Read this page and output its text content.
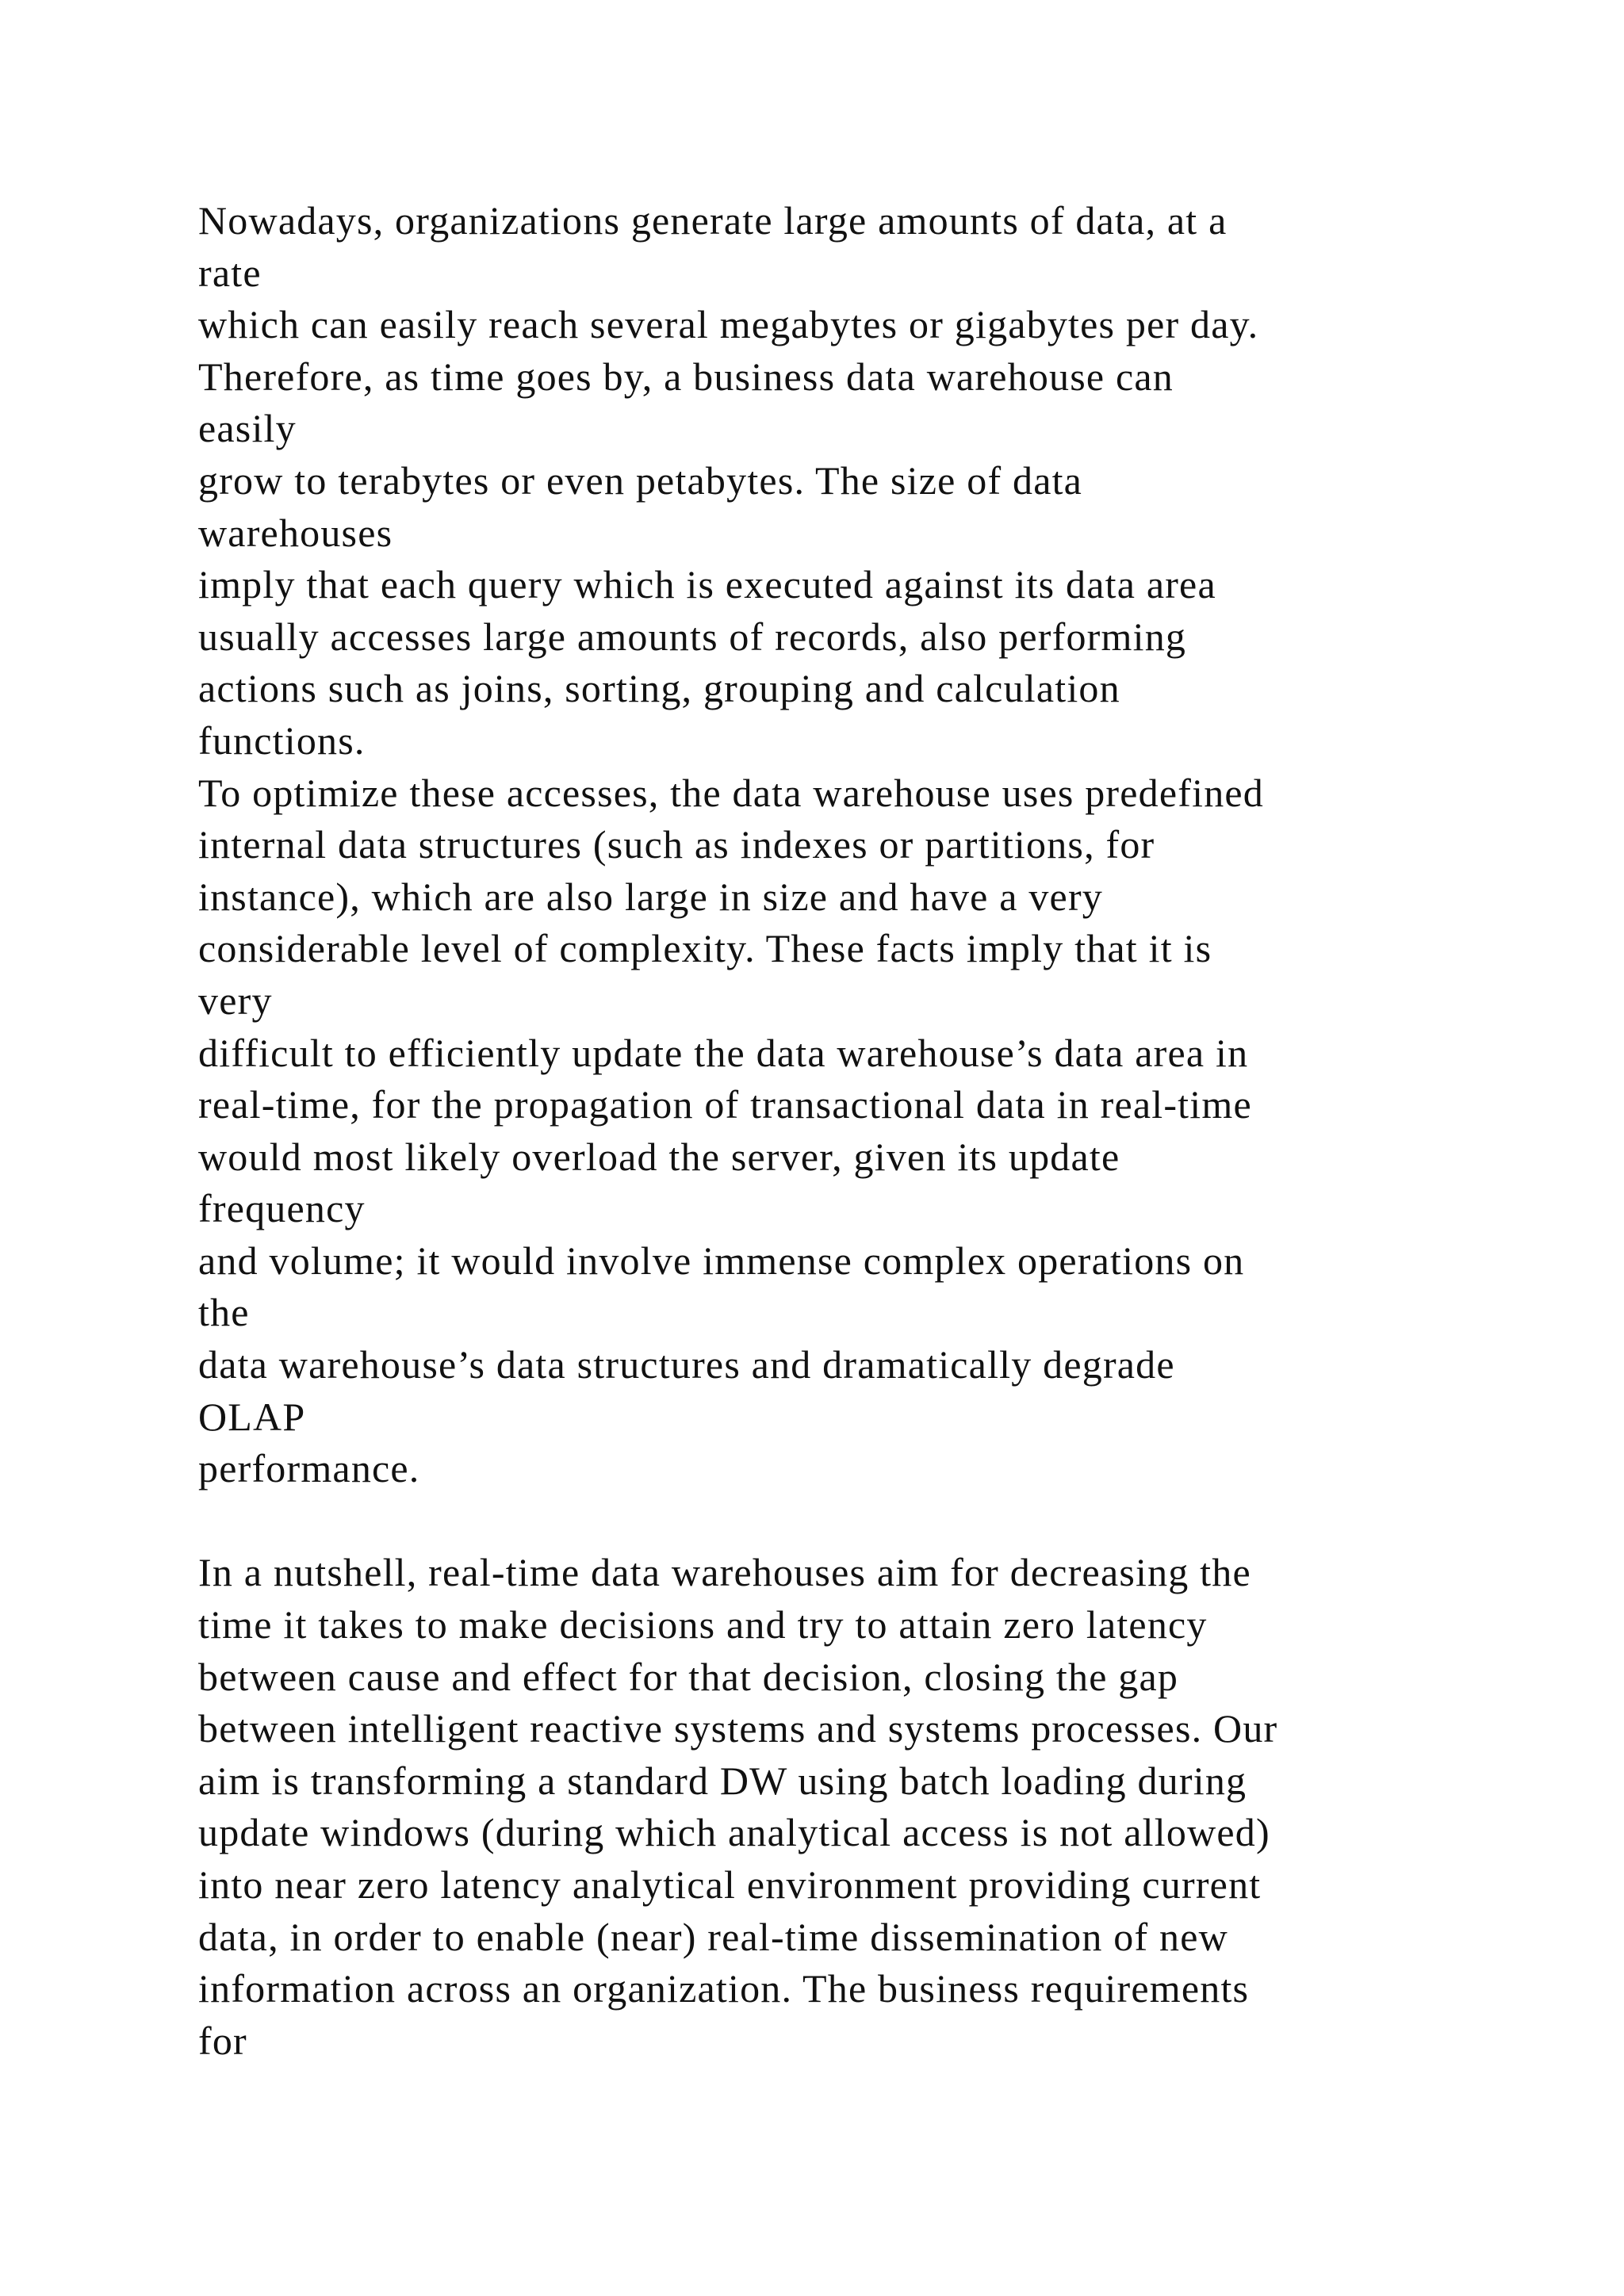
Nowadays, organizations generate large amounts of data, at a
rate
which can easily reach several megabytes or gigabytes per day.
Therefore, as time goes by, a business data warehouse can
easily
grow to terabytes or even petabytes. The size of data
warehouses
imply that each query which is executed against its data area
usually accesses large amounts of records, also performing
actions such as joins, sorting, grouping and calculation
functions.
To optimize these accesses, the data warehouse uses predefined
internal data structures (such as indexes or partitions, for
instance), which are also large in size and have a very
considerable level of complexity. These facts imply that it is
very
difficult to efficiently update the data warehouse’s data area in
real-time, for the propagation of transactional data in real-time
would most likely overload the server, given its update
frequency
and volume; it would involve immense complex operations on
the
data warehouse’s data structures and dramatically degrade
OLAP
performance.
In a nutshell, real-time data warehouses aim for decreasing the
time it takes to make decisions and try to attain zero latency
between cause and effect for that decision, closing the gap
between intelligent reactive systems and systems processes. Our
aim is transforming a standard DW using batch loading during
update windows (during which analytical access is not allowed)
into near zero latency analytical environment providing current
data, in order to enable (near) real-time dissemination of new
information across an organization. The business requirements
for
